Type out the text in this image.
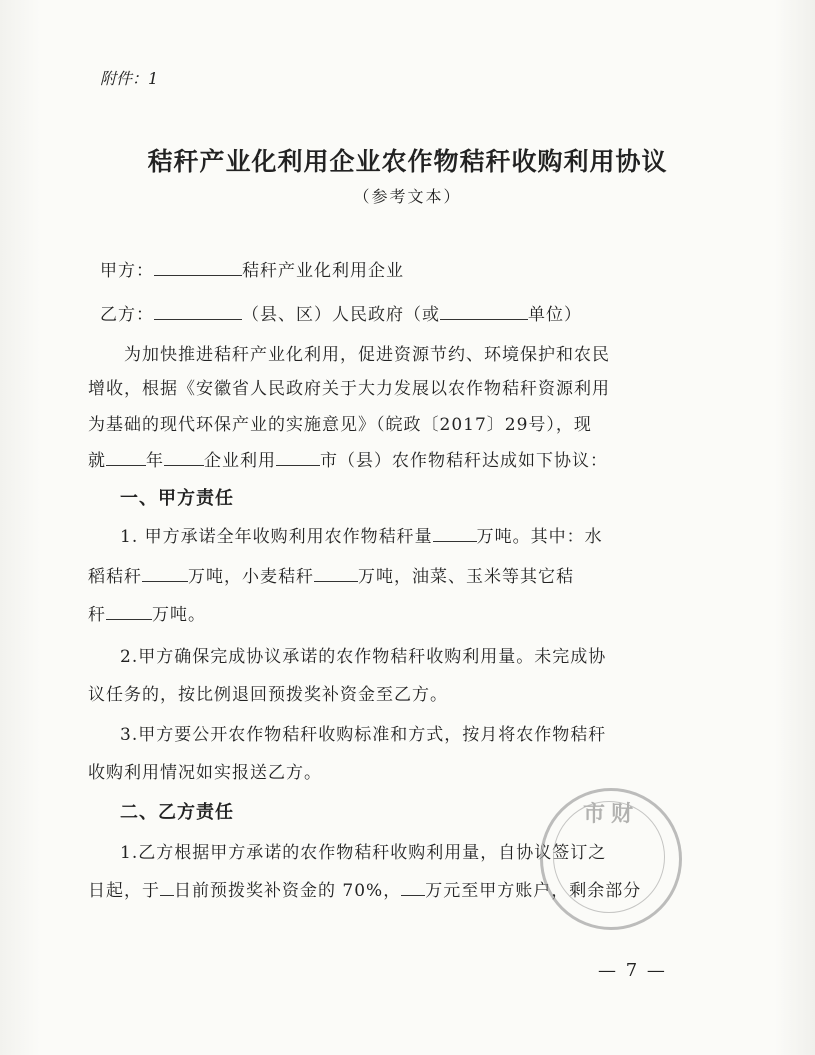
附件：1
秸秆产业化利用企业农作物秸秆收购利用协议
（参考文本）
甲方：	秸秆产业化利用企业
乙方：	（县、区）人民政府（或	单位）
为加快推进秸秆产业化利用，促进资源节约、环境保护和农民
增收，根据《安徽省人民政府关于大力发展以农作物秸秆资源利用
为基础的现代环保产业的实施意见》（皖政〔2017〕29号），现
就 年 企业利用	市（县）农作物秸秆达成如下协议：
一、甲方责任
1. 甲方承诺全年收购利用农作物秸秆量	万吨。其中：水
稻秸秆	万吨，小麦秸秆	万吨，油菜、玉米等其它秸
秆	万吨。
2.甲方确保完成协议承诺的农作物秸秆收购利用量。未完成协
议任务的，按比例退回预拨奖补资金至乙方。
3.甲方要公开农作物秸秆收购标准和方式，按月将农作物秸秆
收购利用情况如实报送乙方。
二、乙方责任
1.乙方根据甲方承诺的农作物秸秆收购利用量，自协议签订之
日起，于 日前预拨奖补资金的 70%， 万元至甲方账户，剩余部分
市财
— 7 —
